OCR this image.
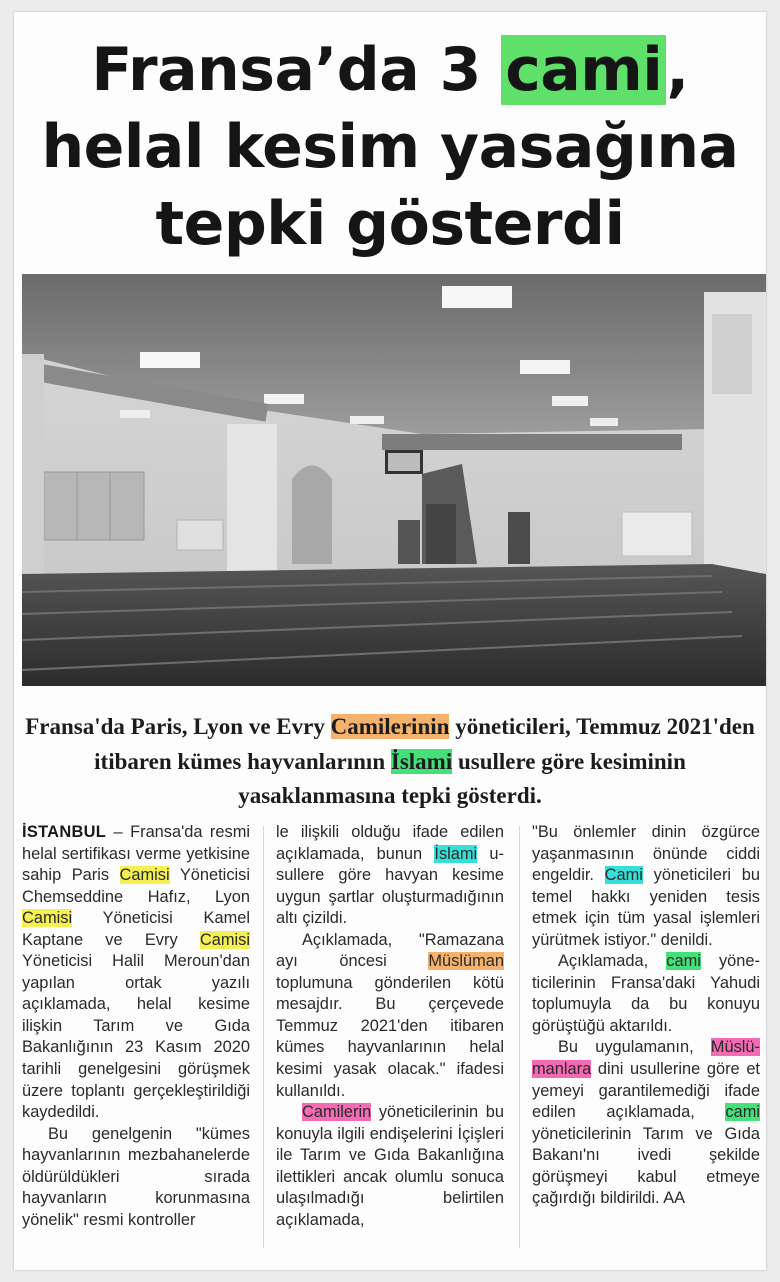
Fransa’da 3 cami,
helal kesim yasağına
tepki gösterdi
Fransa'da Paris, Lyon ve Evry Camilerinin yöneticileri, Temmuz 2021'den itibaren kümes hayvanlarının İslami usullere göre kesiminin yasaklanmasına tepki gösterdi.

İSTANBUL – Fransa'da resmi helal sertifikası verme yetkisine sahip Paris Camisi Yöneticisi Chemseddine Hafız, Lyon Camisi Yöneticisi Kamel Kaptane ve Evry Camisi Yöneticisi Halil Meroun'dan yapılan ortak yazılı açıklamada, helal kesime ilişkin Tarım ve Gıda Bakanlığının 23 Kasım 2020 tarihli genelgesini görüşmek üzere toplantı gerçekleştirildiği kaydedildi.

Bu genelgenin "kümes hayvanlarının mezbahanelerde öldürüldükleri sırada hayvanların korunmasına yönelik" resmi kontroller

le ilişkili olduğu ifade edilen açıklamada, bunun İslami usullere göre havyan kesime uygun şartlar oluşturmadığının altı çizildi.

Açıklamada, "Ramazana ayı öncesi Müslüman toplumuna gönderilen kötü mesajdır. Bu çerçevede Temmuz 2021'den itibaren kümes hayvanlarının helal kesimi yasak olacak." ifadesi kullanıldı.

Camilerin yöneticilerinin bu konuyla ilgili endişelerini İçişleri ile Tarım ve Gıda Bakanlığına ilettikleri ancak olumlu sonuca ulaşılmadığı belirtilen açıklamada,

"Bu önlemler dinin özgürce yaşanmasının önünde ciddi engeldir. Cami yöneticileri bu temel hakkı yeniden tesis etmek için tüm yasal işlemleri yürütmek istiyor." denildi.

Açıklamada, cami yöneticilerinin Fransa'daki Yahudi toplumuyla da bu konuyu görüştüğü aktarıldı.

Bu uygulamanın, Müslümanlara dini usullerine göre et yemeyi garantilemediği ifade edilen açıklamada, cami yöneticilerinin Tarım ve Gıda Bakanı'nı ivedi şekilde görüşmeyi kabul etmeye çağırdığı bildirildi. AA
